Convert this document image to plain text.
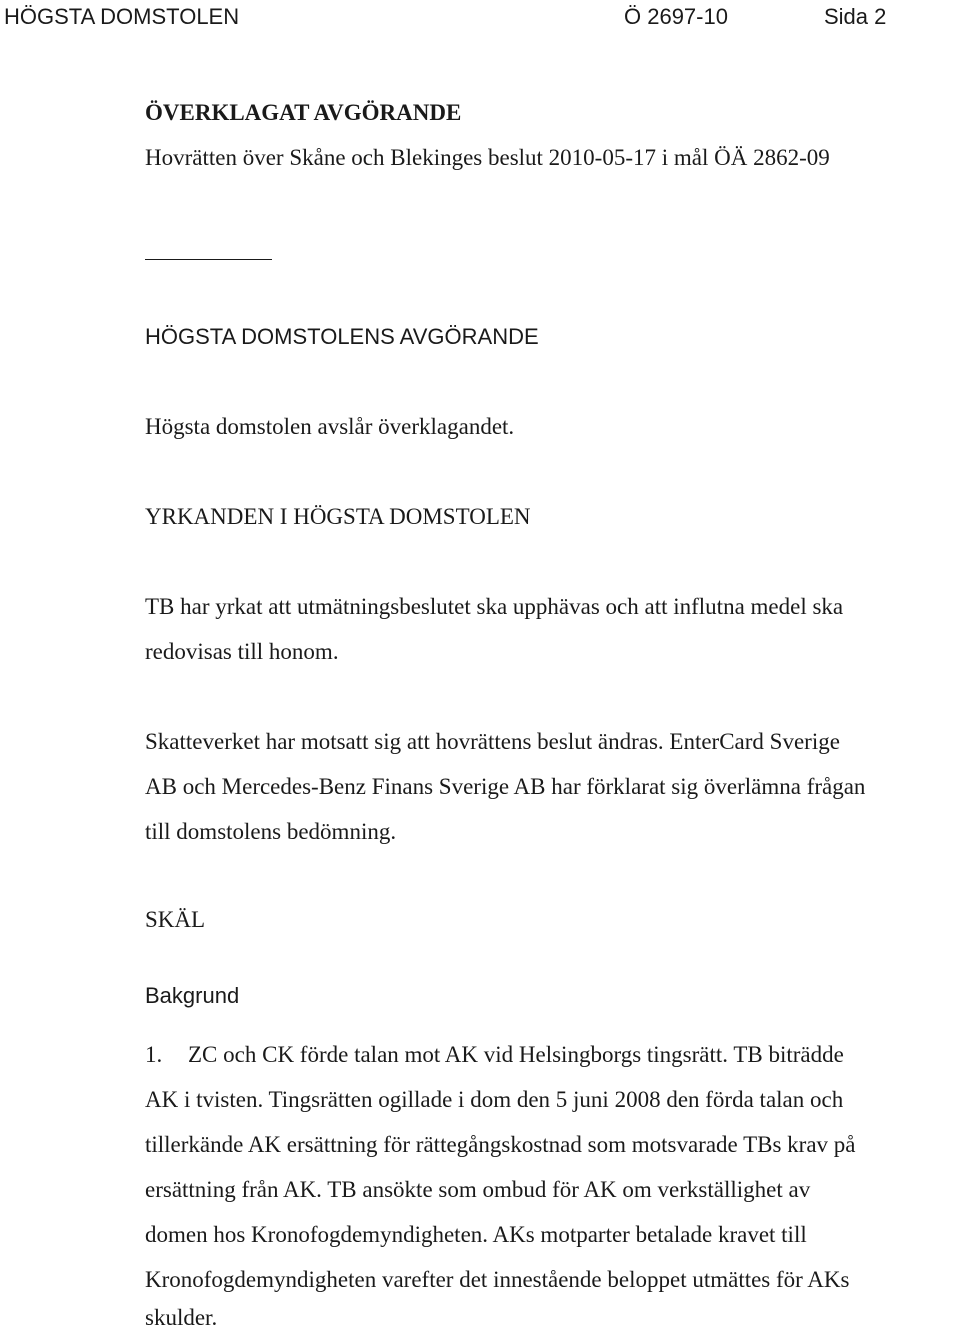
HÖGSTA DOMSTOLEN	Ö 2697-10	Sida 2
ÖVERKLAGAT AVGÖRANDE
Hovrätten över Skåne och Blekinges beslut 2010-05-17 i mål ÖÄ 2862-09
HÖGSTA DOMSTOLENS AVGÖRANDE
Högsta domstolen avslår överklagandet.
YRKANDEN I HÖGSTA DOMSTOLEN
TB har yrkat att utmätningsbeslutet ska upphävas och att influtna medel ska
redovisas till honom.
Skatteverket har motsatt sig att hovrättens beslut ändras. EnterCard Sverige
AB och Mercedes-Benz Finans Sverige AB har förklarat sig överlämna frågan
till domstolens bedömning.
SKÄL
Bakgrund
1. ZC och CK förde talan mot AK vid Helsingborgs tingsrätt. TB biträdde
AK i tvisten. Tingsrätten ogillade i dom den 5 juni 2008 den förda talan och
tillerkände AK ersättning för rättegångskostnad som motsvarade TBs krav på
ersättning från AK. TB ansökte som ombud för AK om verkställighet av
domen hos Kronofogdemyndigheten. AKs motparter betalade kravet till
Kronofogdemyndigheten varefter det innestående beloppet utmättes för AKs
skulder.
